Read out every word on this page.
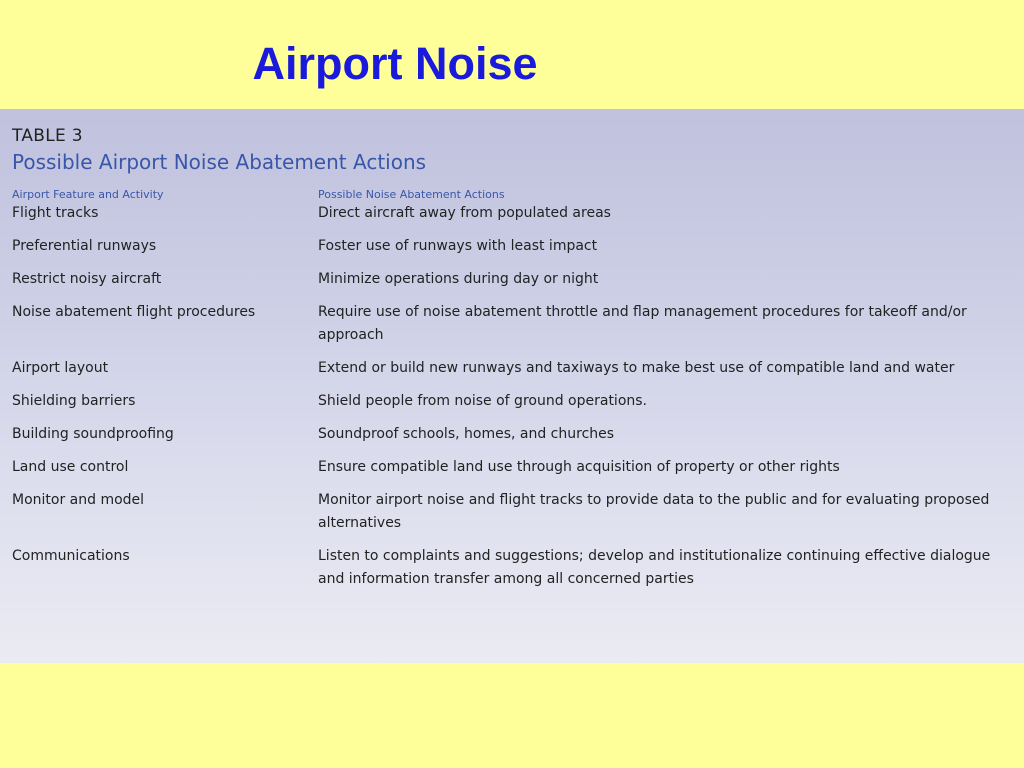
Airport Noise
TABLE 3
Possible Airport Noise Abatement Actions
Airport Feature and Activity	Possible Noise Abatement Actions
Flight tracks	Direct aircraft away from populated areas
Preferential runways	Foster use of runways with least impact
Restrict noisy aircraft	Minimize operations during day or night
Noise abatement flight procedures	Require use of noise abatement throttle and flap management procedures for takeoff and/or approach
Airport layout	Extend or build new runways and taxiways to make best use of compatible land and water
Shielding barriers	Shield people from noise of ground operations.
Building soundproofing	Soundproof schools, homes, and churches
Land use control	Ensure compatible land use through acquisition of property or other rights
Monitor and model	Monitor airport noise and flight tracks to provide data to the public and for evaluating proposed alternatives
Communications	Listen to complaints and suggestions; develop and institutionalize continuing effective dialogue and information transfer among all concerned parties
